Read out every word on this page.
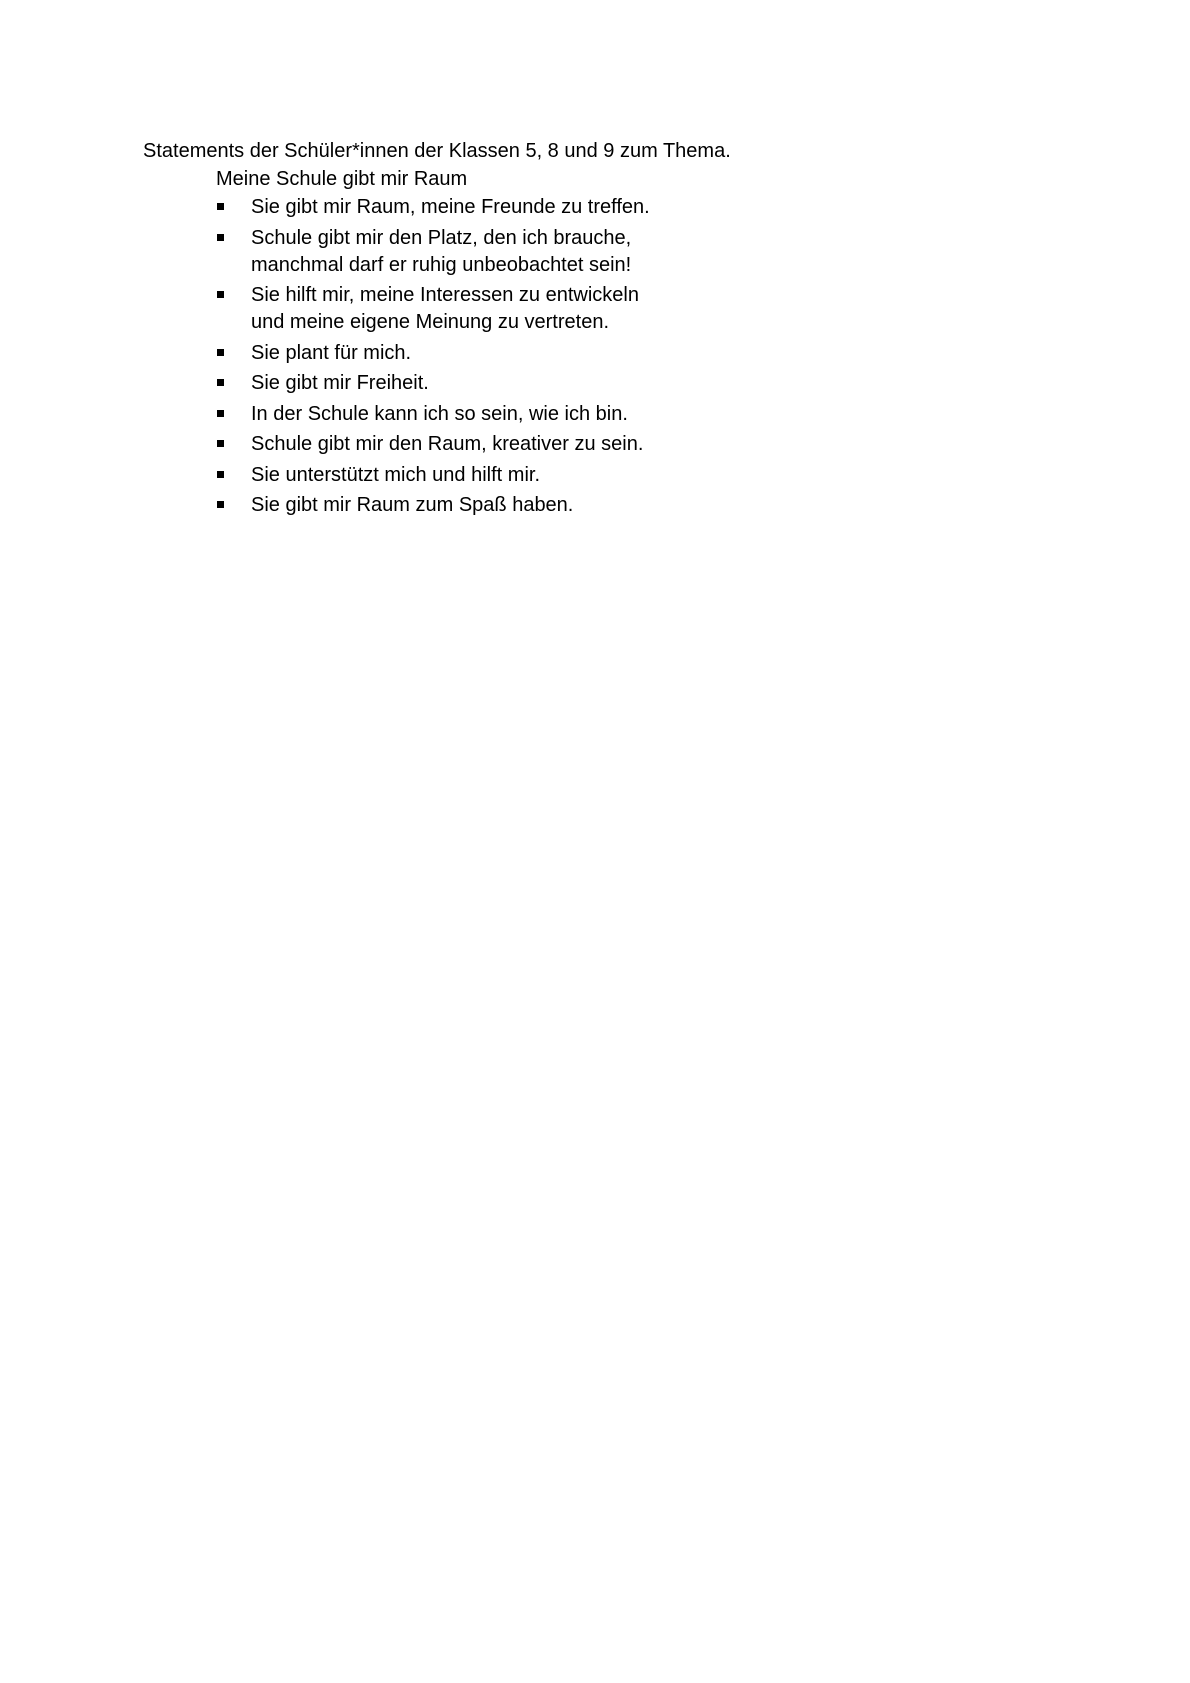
Statements der Schüler*innen der Klassen 5, 8 und 9 zum Thema.
Meine Schule gibt mir Raum
Sie gibt mir Raum, meine Freunde zu treffen.
Schule gibt mir den Platz, den ich brauche,
manchmal darf er ruhig unbeobachtet sein!
Sie hilft mir, meine Interessen zu entwickeln
und meine eigene Meinung zu vertreten.
Sie plant für mich.
Sie gibt mir Freiheit.
In der Schule kann ich so sein, wie ich bin.
Schule gibt mir den Raum, kreativer zu sein.
Sie unterstützt mich und hilft mir.
Sie gibt mir Raum zum Spaß haben.
